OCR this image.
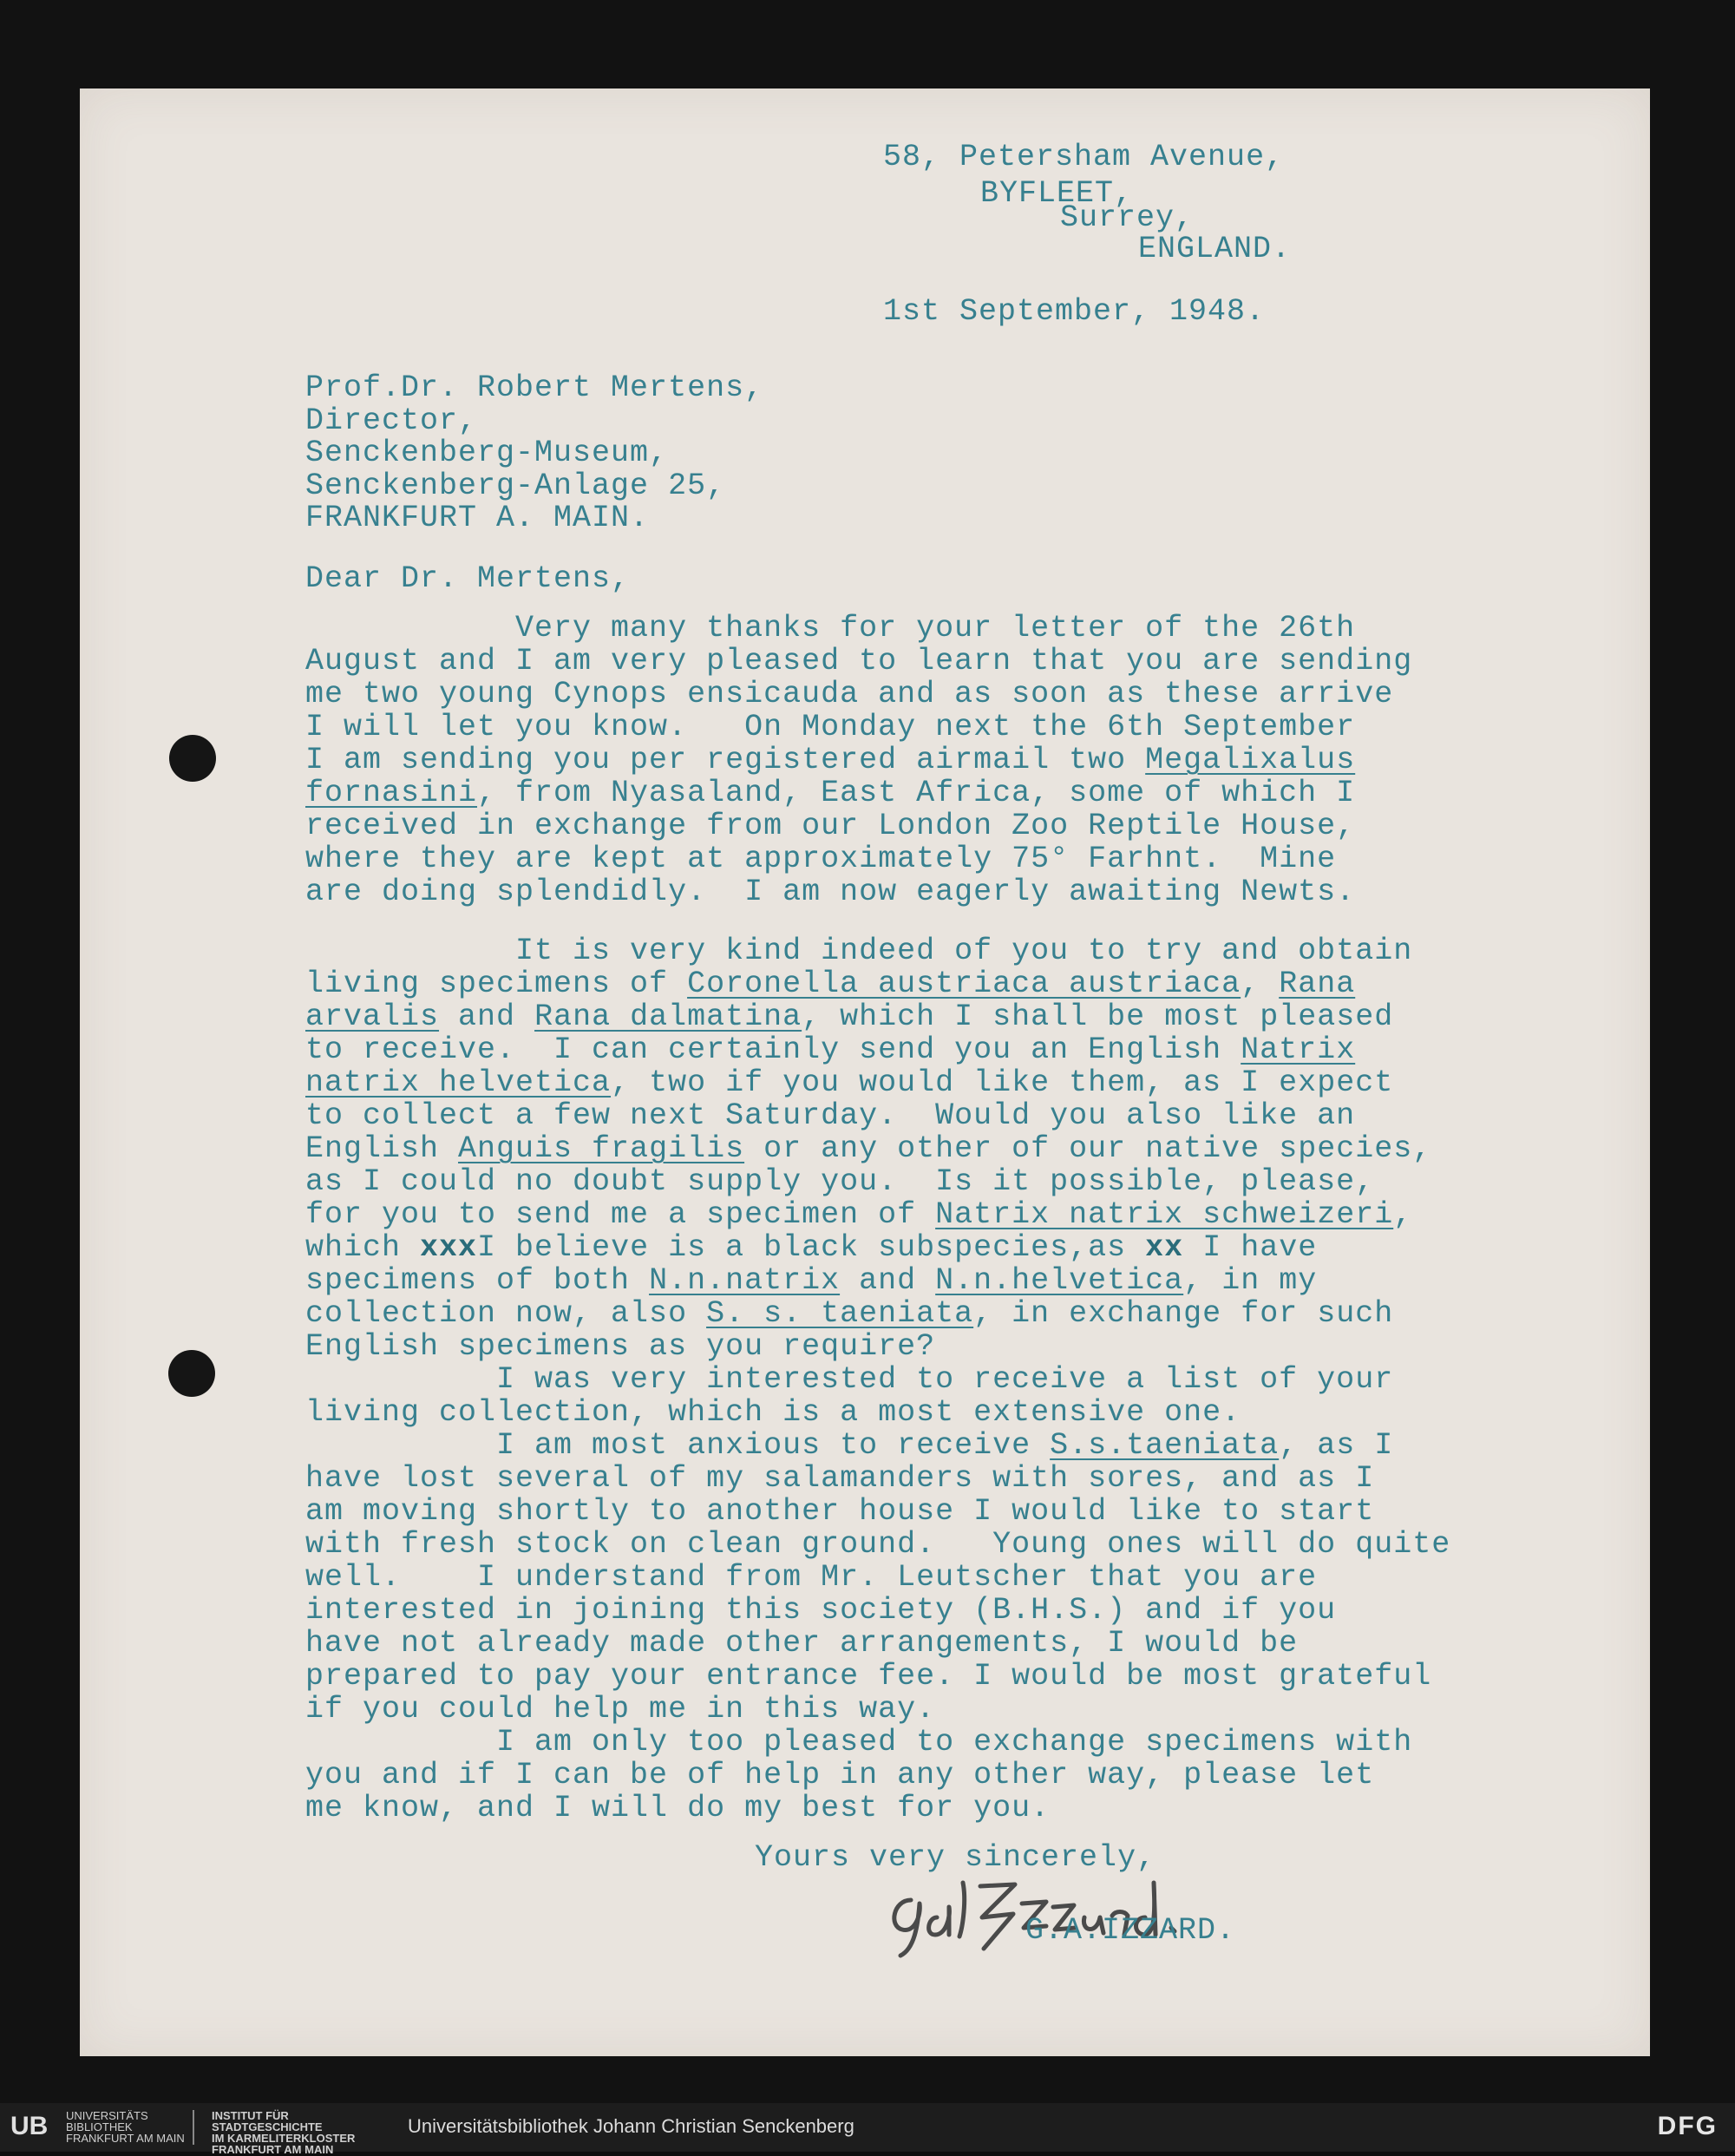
58, Petersham Avenue,
BYFLEET,
Surrey,
ENGLAND.
1st September, 1948.
Prof.Dr. Robert Mertens,
Director,
Senckenberg-Museum,
Senckenberg-Anlage 25,
FRANKFURT A. MAIN.
Dear Dr. Mertens,
Very many thanks for your letter of the 26th
August and I am very pleased to learn that you are sending
me two young Cynops ensicauda and as soon as these arrive
I will let you know.   On Monday next the 6th September
I am sending you per registered airmail two Megalixalus
fornasini, from Nyasaland, East Africa, some of which I
received in exchange from our London Zoo Reptile House,
where they are kept at approximately 75° Farhnt.  Mine
are doing splendidly.  I am now eagerly awaiting Newts.
It is very kind indeed of you to try and obtain
living specimens of Coronella austriaca austriaca, Rana
arvalis and Rana dalmatina, which I shall be most pleased
to receive.  I can certainly send you an English Natrix
natrix helvetica, two if you would like them, as I expect
to collect a few next Saturday.  Would you also like an
English Anguis fragilis or any other of our native species,
as I could no doubt supply you.  Is it possible, please,
for you to send me a specimen of Natrix natrix schweizeri,
which xxxI believe is a black subspecies,as xx I have
specimens of both N.n.natrix and N.n.helvetica, in my
collection now, also S. s. taeniata, in exchange for such
English specimens as you require?
I was very interested to receive a list of your
living collection, which is a most extensive one.
I am most anxious to receive S.s.taeniata, as I
have lost several of my salamanders with sores, and as I
am moving shortly to another house I would like to start
with fresh stock on clean ground.   Young ones will do quite
well.    I understand from Mr. Leutscher that you are
interested in joining this society (B.H.S.) and if you
have not already made other arrangements, I would be
prepared to pay your entrance fee. I would be most grateful
if you could help me in this way.
I am only too pleased to exchange specimens with
you and if I can be of help in any other way, please let
me know, and I will do my best for you.
Yours very sincerely,
G.A.IZZARD.
UB UNIVERSITÄTS
BIBLIOTHEK
FRANKFURT AM MAIN
INSTITUT FÜR
STADTGESCHICHTE
IM KARMELITERKLOSTER
FRANKFURT AM MAIN
Universitätsbibliothek Johann Christian Senckenberg	DFG
